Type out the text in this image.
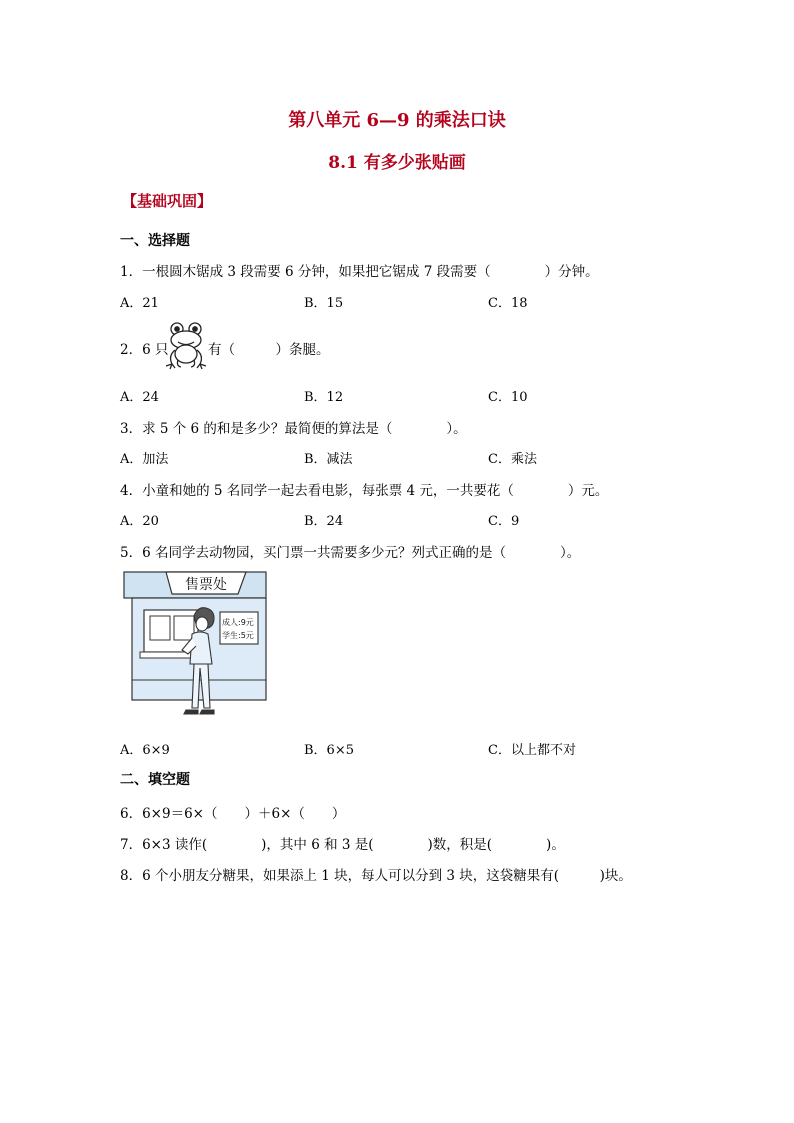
第八单元 6—9 的乘法口诀
8.1 有多少张贴画
【基础巩固】
一、选择题
1．一根圆木锯成 3 段需要 6 分钟，如果把它锯成 7 段需要（　　　　）分钟。
A．21	B．15	C．18
2．6 只	有（　　　）条腿。
A．24	B．12	C．10
3．求 5 个 6 的和是多少？最简便的算法是（　　　　）。
A．加法	B．减法	C．乘法
4．小童和她的 5 名同学一起去看电影，每张票 4 元，一共要花（　　　　）元。
A．20	B．24	C．9
5．6 名同学去动物园，买门票一共需要多少元？列式正确的是（　　　　）。
售票处
成人:9元
学生:5元
A．6×9	B．6×5	C．以上都不对
二、填空题
6．6×9＝6×（　　）＋6×（　　）
7．6×3 读作(　　　　)，其中 6 和 3 是(　　　　)数，积是(　　　　)。
8．6 个小朋友分糖果，如果添上 1 块，每人可以分到 3 块，这袋糖果有(　　　)块。
